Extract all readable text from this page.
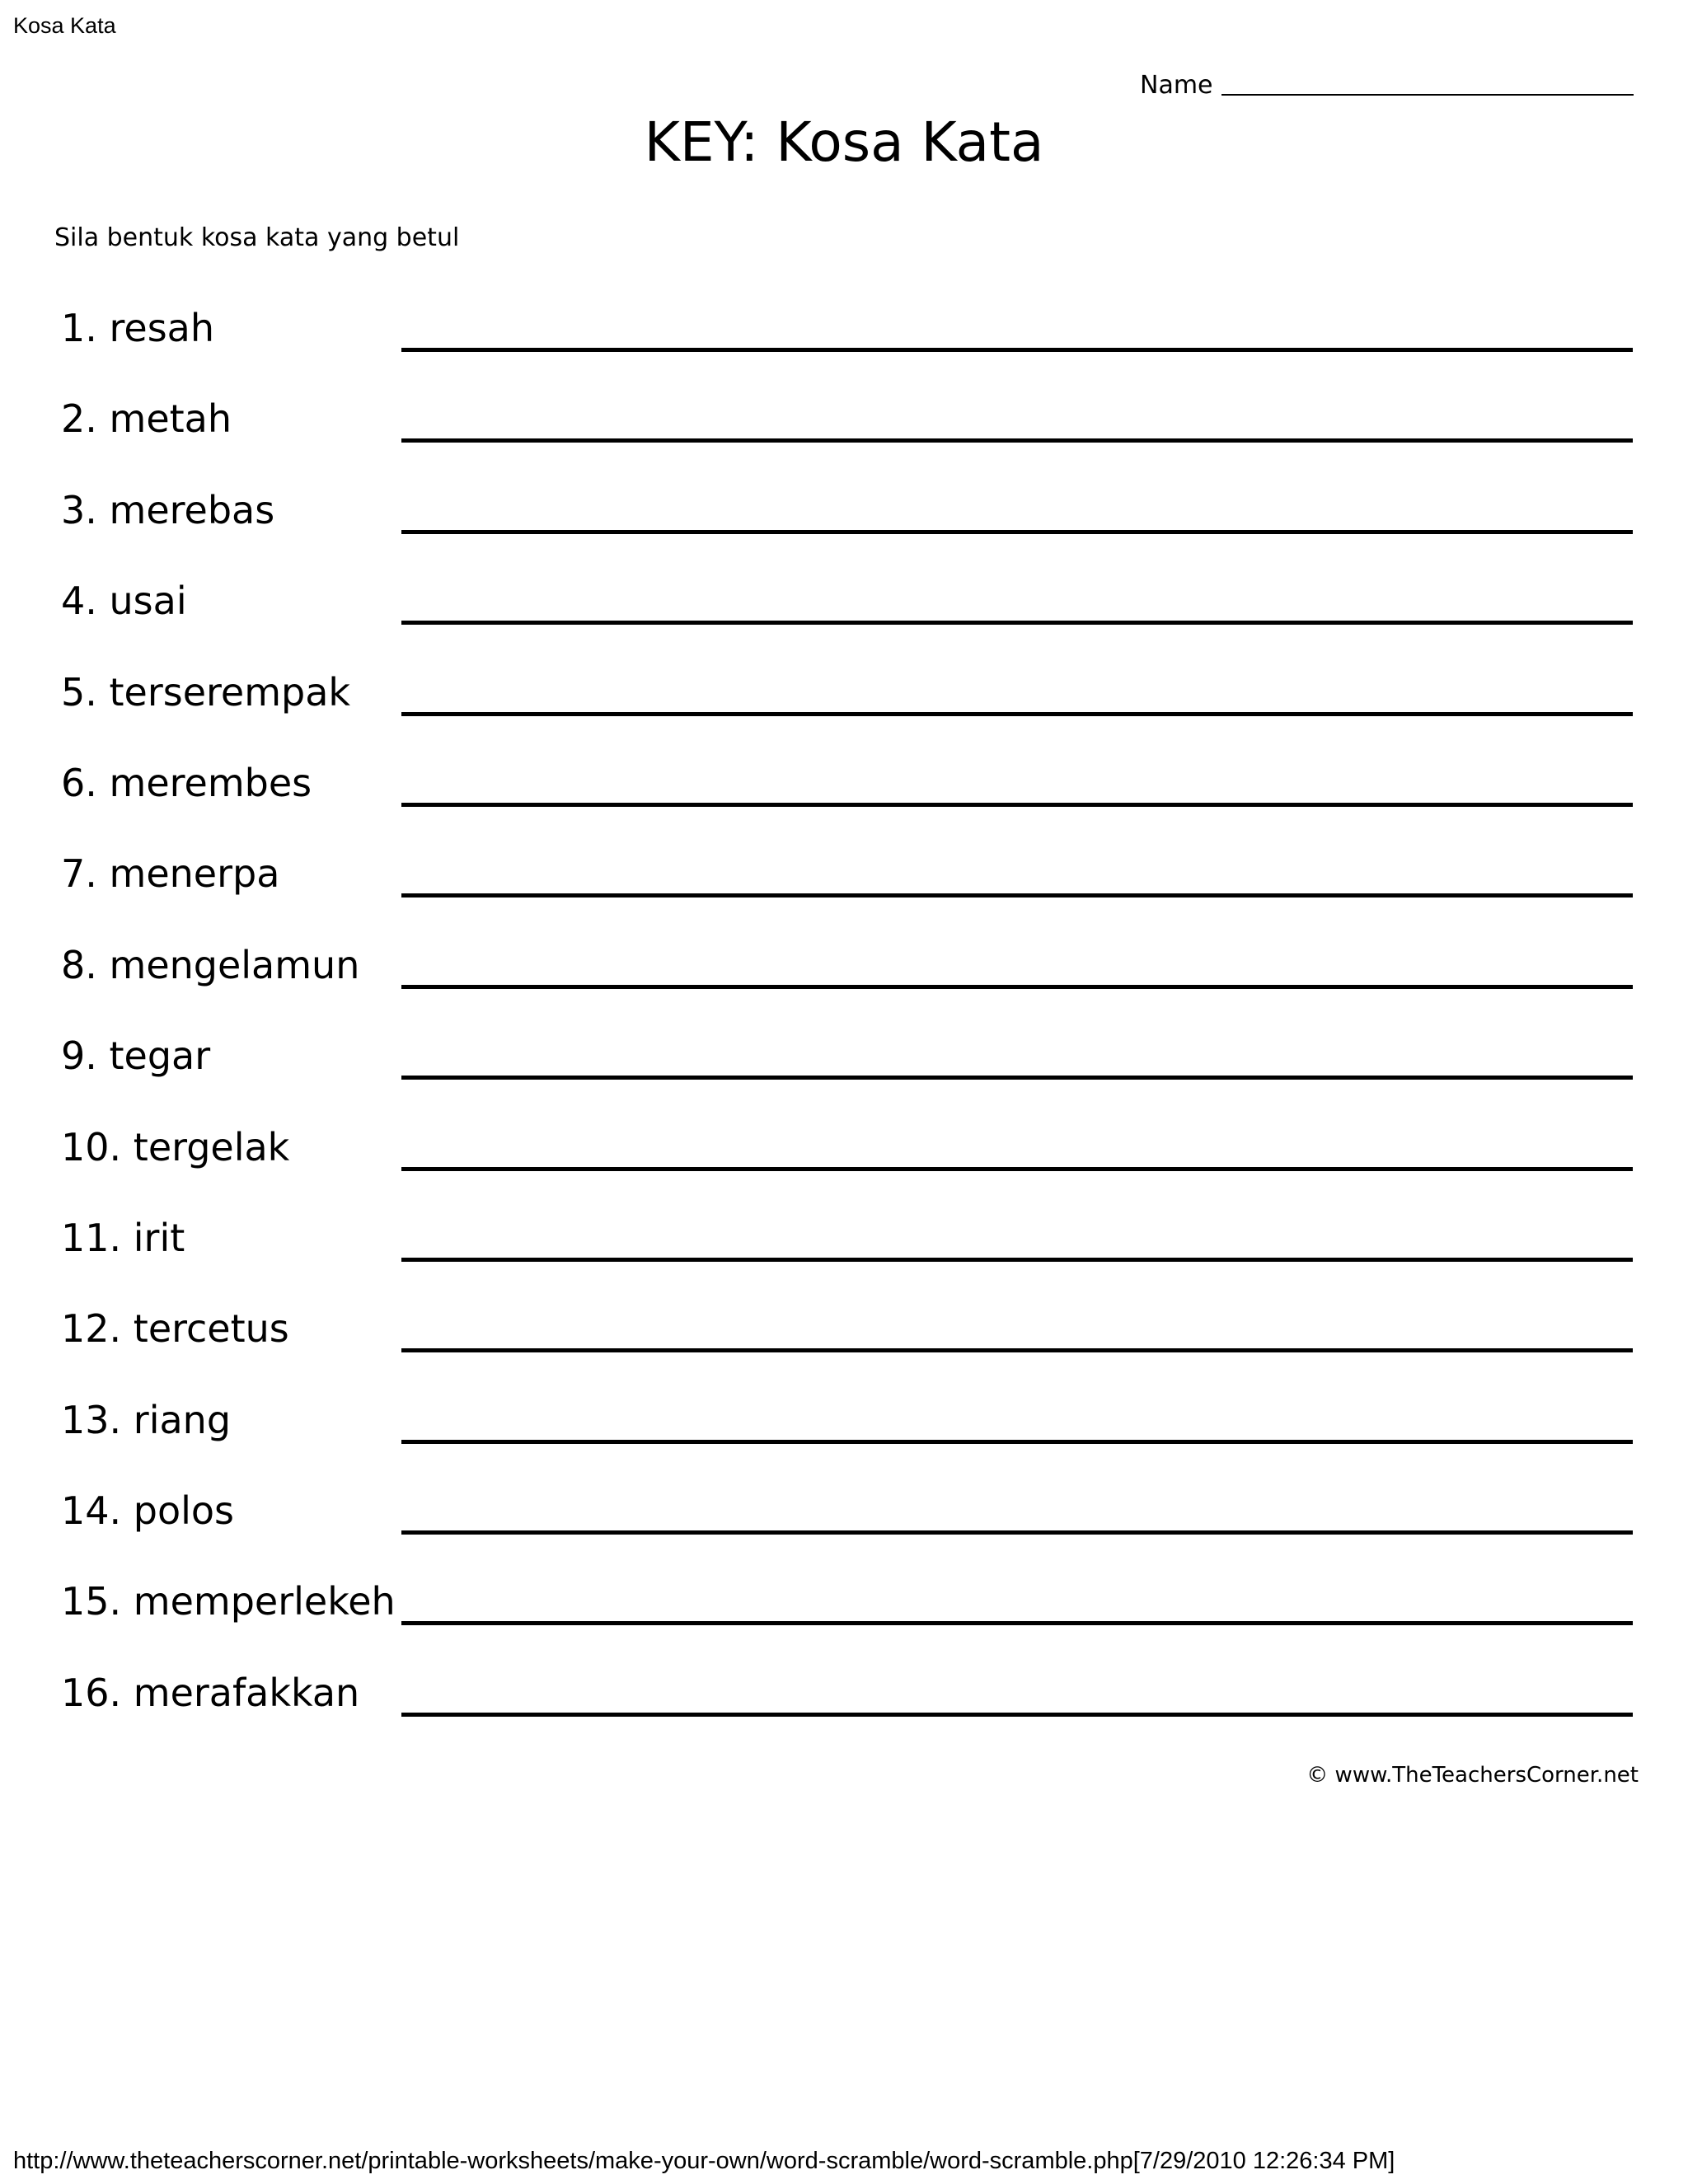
Kosa Kata
Name
KEY: Kosa Kata
Sila bentuk kosa kata yang betul
1. resah
2. metah
3. merebas
4. usai
5. terserempak
6. merembes
7. menerpa
8. mengelamun
9. tegar
10. tergelak
11. irit
12. tercetus
13. riang
14. polos
15. memperlekeh
16. merafakkan
© www.TheTeachersCorner.net
http://www.theteacherscorner.net/printable-worksheets/make-your-own/word-scramble/word-scramble.php[7/29/2010 12:26:34 PM]
